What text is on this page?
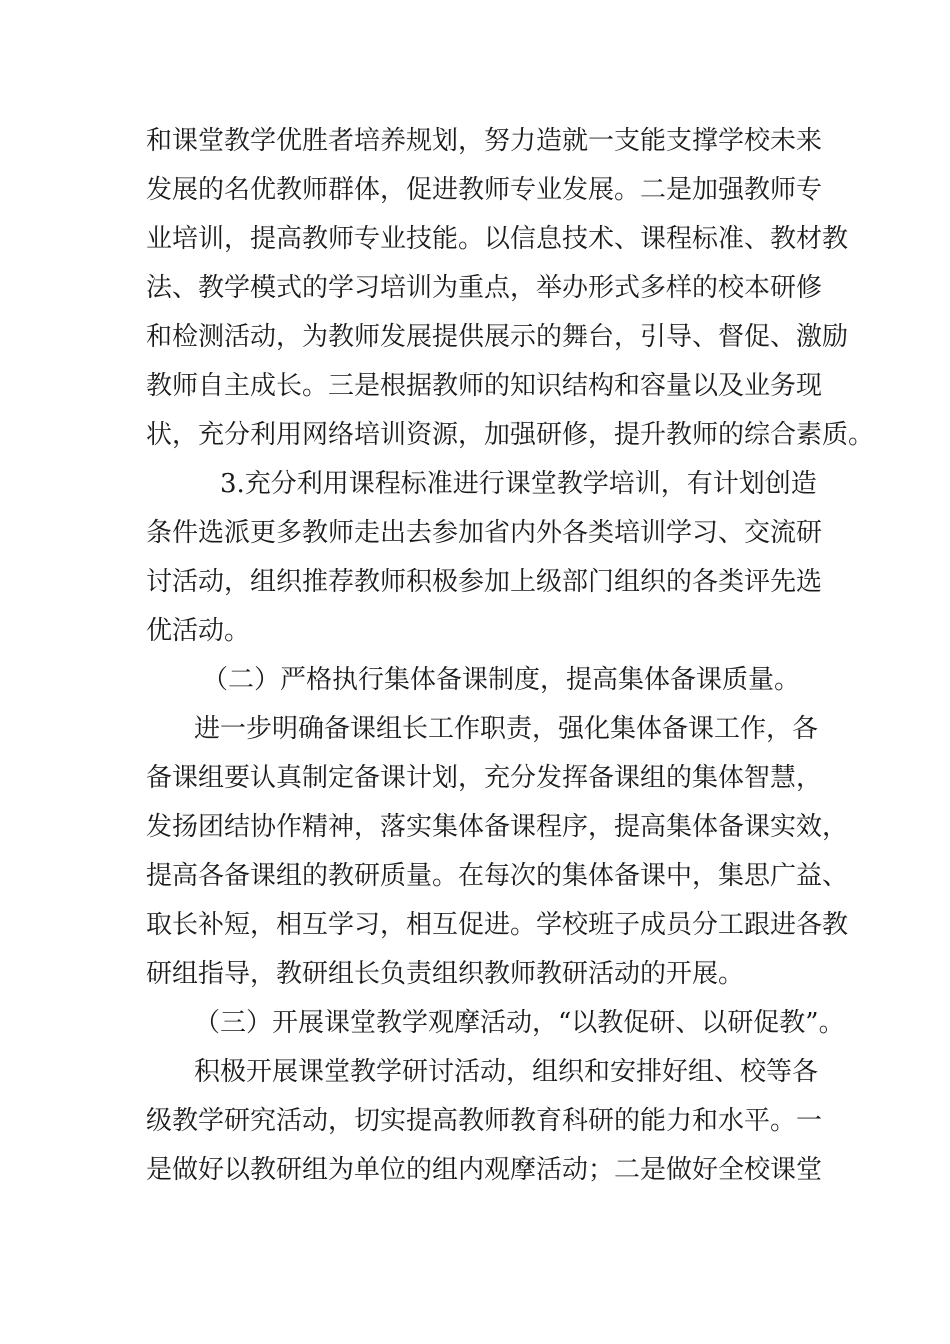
和课堂教学优胜者培养规划，努力造就一支能支撑学校未来
发展的名优教师群体，促进教师专业发展。二是加强教师专
业培训，提高教师专业技能。以信息技术、课程标准、教材教
法、教学模式的学习培训为重点，举办形式多样的校本研修
和检测活动，为教师发展提供展示的舞台，引导、督促、激励
教师自主成长。三是根据教师的知识结构和容量以及业务现
状，充分利用网络培训资源，加强研修，提升教师的综合素质。
3.充分利用课程标准进行课堂教学培训，有计划创造
条件选派更多教师走出去参加省内外各类培训学习、交流研
讨活动，组织推荐教师积极参加上级部门组织的各类评先选
优活动。
（二）严格执行集体备课制度，提高集体备课质量。
进一步明确备课组长工作职责，强化集体备课工作，各
备课组要认真制定备课计划，充分发挥备课组的集体智慧，
发扬团结协作精神，落实集体备课程序，提高集体备课实效，
提高各备课组的教研质量。在每次的集体备课中，集思广益、
取长补短，相互学习，相互促进。学校班子成员分工跟进各教
研组指导，教研组长负责组织教师教研活动的开展。
（三）开展课堂教学观摩活动，“以教促研、以研促教”。
积极开展课堂教学研讨活动，组织和安排好组、校等各
级教学研究活动，切实提高教师教育科研的能力和水平。一
是做好以教研组为单位的组内观摩活动；二是做好全校课堂
